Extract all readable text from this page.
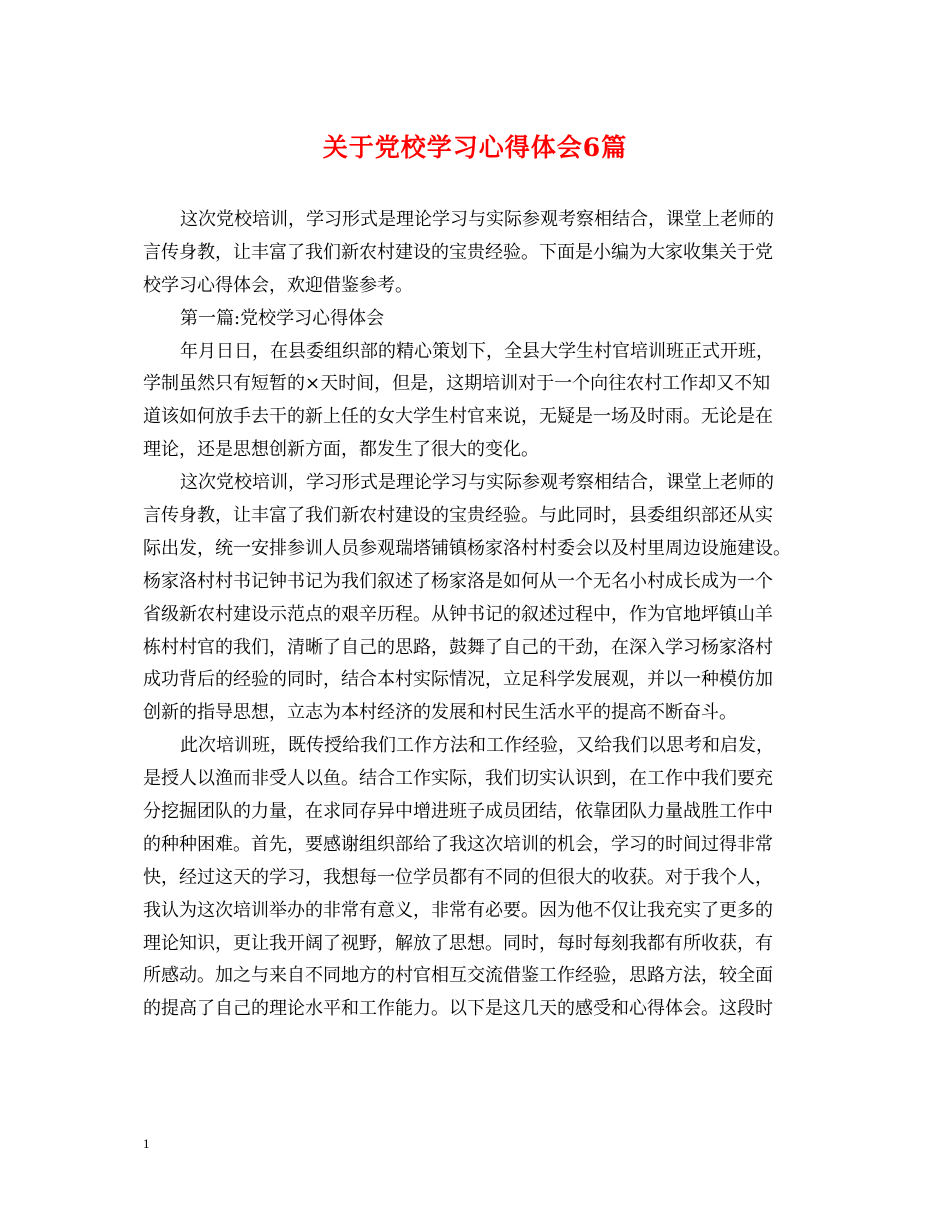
关于党校学习心得体会6篇
这次党校培训，学习形式是理论学习与实际参观考察相结合，课堂上老师的
言传身教，让丰富了我们新农村建设的宝贵经验。下面是小编为大家收集关于党
校学习心得体会，欢迎借鉴参考。
第一篇:党校学习心得体会
年月日日，在县委组织部的精心策划下，全县大学生村官培训班正式开班，
学制虽然只有短暂的×天时间，但是，这期培训对于一个向往农村工作却又不知
道该如何放手去干的新上任的女大学生村官来说，无疑是一场及时雨。无论是在
理论，还是思想创新方面，都发生了很大的变化。
这次党校培训，学习形式是理论学习与实际参观考察相结合，课堂上老师的
言传身教，让丰富了我们新农村建设的宝贵经验。与此同时，县委组织部还从实
际出发，统一安排参训人员参观瑞塔铺镇杨家洛村村委会以及村里周边设施建设。
杨家洛村村书记钟书记为我们叙述了杨家洛是如何从一个无名小村成长成为一个
省级新农村建设示范点的艰辛历程。从钟书记的叙述过程中，作为官地坪镇山羊
栋村村官的我们，清晰了自己的思路，鼓舞了自己的干劲，在深入学习杨家洛村
成功背后的经验的同时，结合本村实际情况，立足科学发展观，并以一种模仿加
创新的指导思想，立志为本村经济的发展和村民生活水平的提高不断奋斗。
此次培训班，既传授给我们工作方法和工作经验，又给我们以思考和启发，
是授人以渔而非受人以鱼。结合工作实际，我们切实认识到，在工作中我们要充
分挖掘团队的力量，在求同存异中增进班子成员团结，依靠团队力量战胜工作中
的种种困难。首先，要感谢组织部给了我这次培训的机会，学习的时间过得非常
快，经过这天的学习，我想每一位学员都有不同的但很大的收获。对于我个人，
我认为这次培训举办的非常有意义，非常有必要。因为他不仅让我充实了更多的
理论知识，更让我开阔了视野，解放了思想。同时，每时每刻我都有所收获，有
所感动。加之与来自不同地方的村官相互交流借鉴工作经验，思路方法，较全面
的提高了自己的理论水平和工作能力。以下是这几天的感受和心得体会。这段时
1
